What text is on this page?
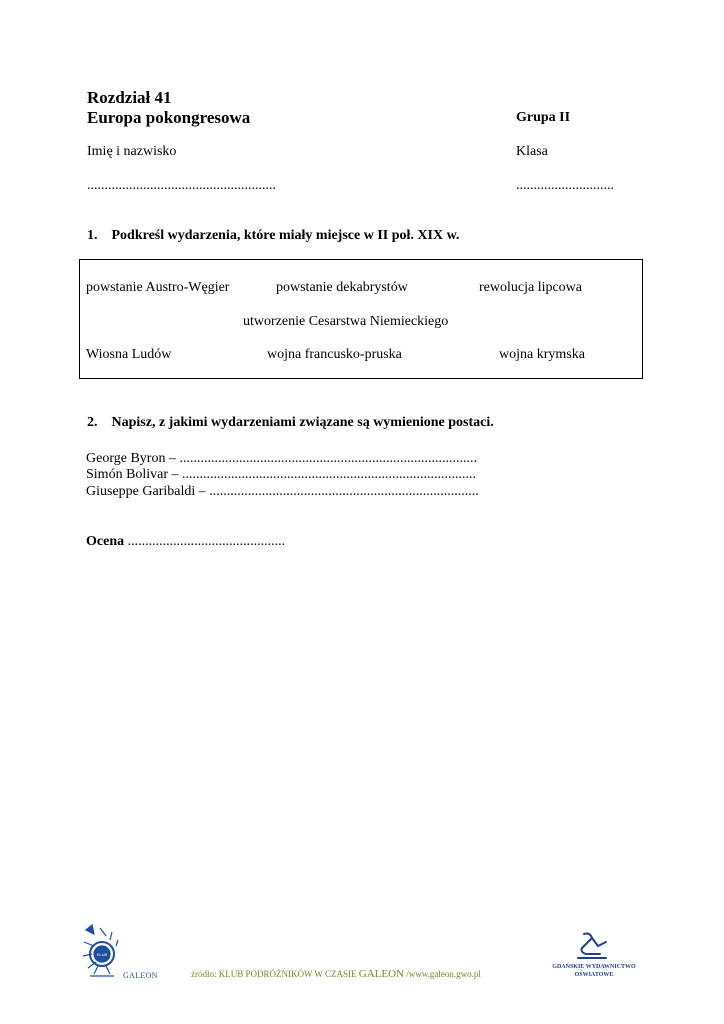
Rozdział 41
Europa pokongresowa	Grupa II
Imię i nazwisko	Klasa
......................................................	............................
1. Podkreśl wydarzenia, które miały miejsce w II poł. XIX w.
powstanie Austro-Węgier	powstanie dekabrystów	rewolucja lipcowa
utworzenie Cesarstwa Niemieckiego
Wiosna Ludów	wojna francusko-pruska	wojna krymska
2. Napisz, z jakimi wydarzeniami związane są wymienione postaci.
George Byron – .....................................................................................
Simón Bolivar – ....................................................................................
Giuseppe Garibaldi – .............................................................................
Ocena .............................................
KLUB
GALEON	źródło: KLUB PODRÓŻNIKÓW W CZASIE GALEON /www.galeon.gwo.pl
GDAŃSKIE WYDAWNICTWO
OŚWIATOWE
